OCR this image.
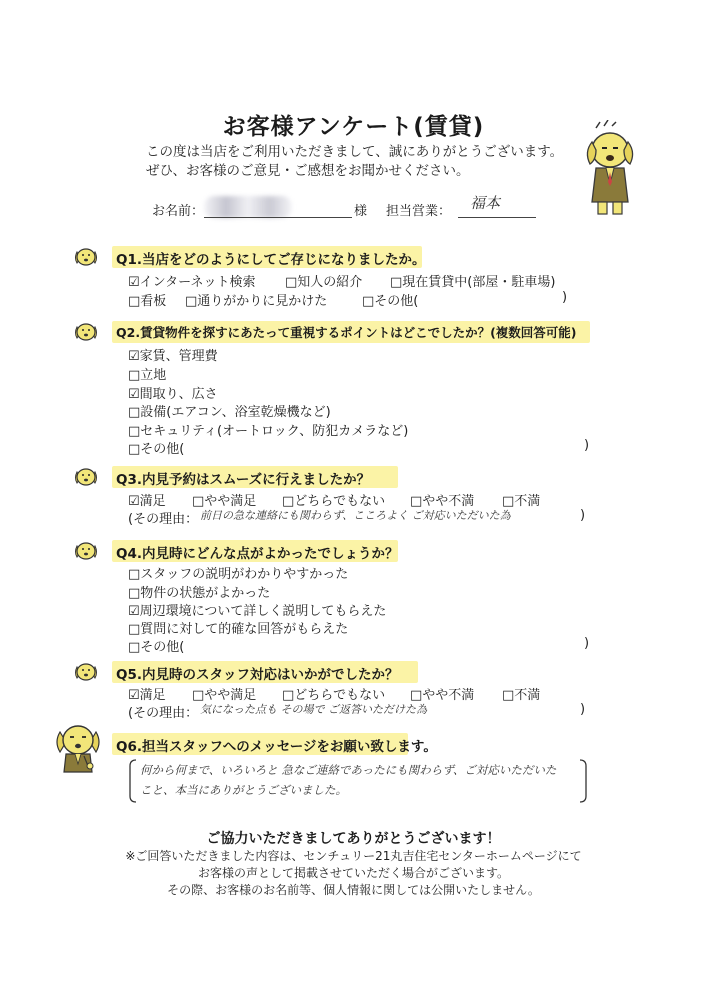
お客様アンケート(賃貸)
この度は当店をご利用いただきまして、誠にありがとうございます。
ぜひ、お客様のご意見・ご感想をお聞かせください。
お名前：	様 担当営業： 福本
Q1.当店をどのようにしてご存じになりましたか。
☑インターネット検索 □知人の紹介 □現在賃貸中(部屋・駐車場)
□看板 □通りがかりに見かけた	□その他(	)
Q2.賃貸物件を探すにあたって重視するポイントはどこでしたか？(複数回答可能)
☑家賃、管理費
□立地
☑間取り、広さ
□設備(エアコン、浴室乾燥機など)
□セキュリティ(オートロック、防犯カメラなど)
□その他(	)
Q3.内見予約はスムーズに行えましたか？
☑満足 □やや満足 □どちらでもない □やや不満 □不満
(その理由： 前日の急な連絡にも関わらず、こころよく ご対応いただいた為	)
Q4.内見時にどんな点がよかったでしょうか？
□スタッフの説明がわかりやすかった
□物件の状態がよかった
☑周辺環境について詳しく説明してもらえた
□質問に対して的確な回答がもらえた
□その他(	)
Q5.内見時のスタッフ対応はいかがでしたか？
☑満足 □やや満足 □どちらでもない □やや不満 □不満
(その理由： 気になった点も その場で ご返答いただけた為	)
Q6.担当スタッフへのメッセージをお願い致します。
何から何まで、いろいろと 急なご連絡であったにも関わらず、ご対応いただいた
こと、本当にありがとうございました。
ご協力いただきましてありがとうございます！
※ご回答いただきました内容は、センチュリー21丸吉住宅センターホームページにて
お客様の声として掲載させていただく場合がございます。
その際、お客様のお名前等、個人情報に関しては公開いたしません。
